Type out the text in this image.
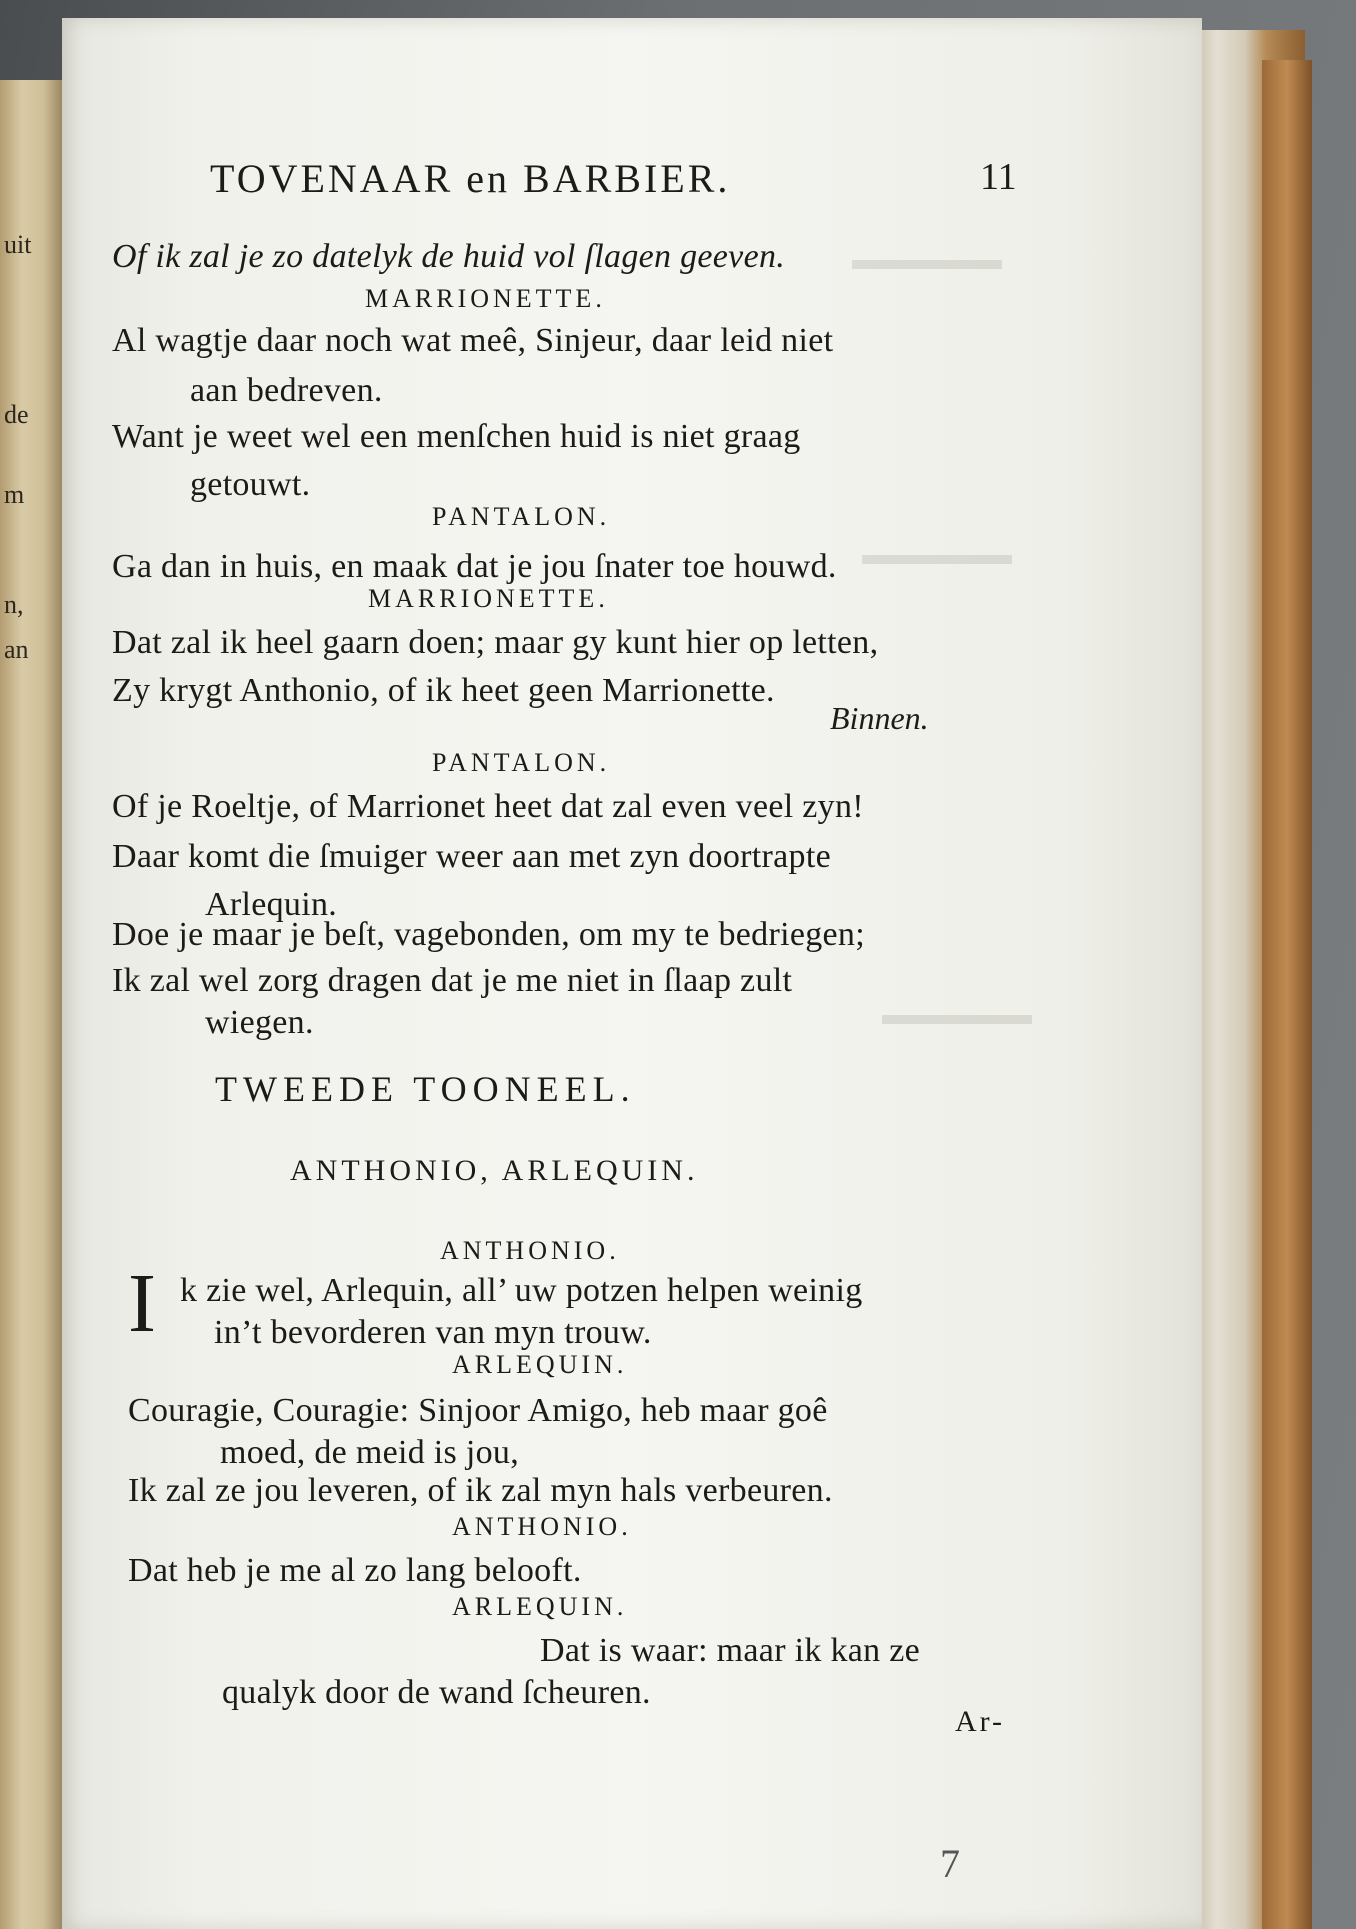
uit
de
m
n,
an
▬▬▬▬▬
▬▬▬▬▬
▬▬▬▬▬
TOVENAAR en BARBIER.	11
Of ik zal je zo datelyk de huid vol ſlagen geeven.
MARRIONETTE.
Al wagtje daar noch wat meê, Sinjeur, daar leid niet
aan bedreven.
Want je weet wel een menſchen huid is niet graag
getouwt.
PANTALON.
Ga dan in huis, en maak dat je jou ſnater toe houwd.
MARRIONETTE.
Dat zal ik heel gaarn doen; maar gy kunt hier op letten,
Zy krygt Anthonio, of ik heet geen Marrionette.
Binnen.
PANTALON.
Of je Roeltje, of Marrionet heet dat zal even veel zyn!
Daar komt die ſmuiger weer aan met zyn doortrapte
Arlequin.
Doe je maar je beſt, vagebonden, om my te bedriegen;
Ik zal wel zorg dragen dat je me niet in ſlaap zult
wiegen.
TWEEDE TOONEEL.
ANTHONIO, ARLEQUIN.
ANTHONIO.
I k zie wel, Arlequin, all’ uw potzen helpen weinig
in’t bevorderen van myn trouw.
ARLEQUIN.
Couragie, Couragie: Sinjoor Amigo, heb maar goê
moed, de meid is jou,
Ik zal ze jou leveren, of ik zal myn hals verbeuren.
ANTHONIO.
Dat heb je me al zo lang belooft.
ARLEQUIN.
Dat is waar: maar ik kan ze
qualyk door de wand ſcheuren.
Ar-
7
